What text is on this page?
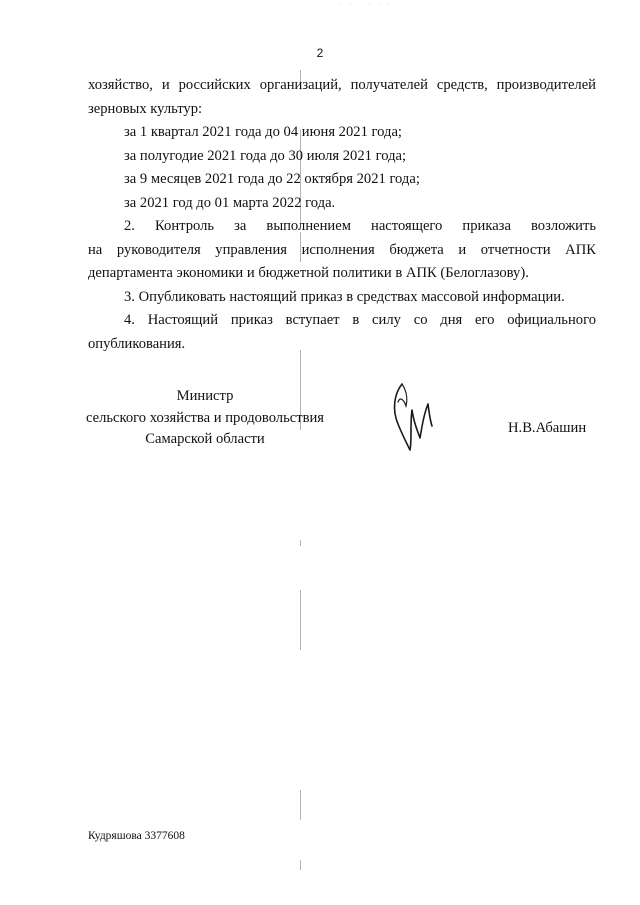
· · · · · ·
2

хозяйство, и российских организаций, получателей средств, производителей

зерновых культур:

за 1 квартал 2021 года до 04 июня 2021 года;

за полугодие 2021 года до 30 июля 2021 года;

за 9 месяцев 2021 года до 22 октября 2021 года;

за 2021 год до 01 марта 2022 года.

2. Контроль за выполнением настоящего приказа возложить

на руководителя управления исполнения бюджета и отчетности АПК

департамента экономики и бюджетной политики в АПК (Белоглазову).

3. Опубликовать настоящий приказ в средствах массовой информации.

4. Настоящий приказ вступает в силу со дня его официального

опубликования.

Министр
сельского хозяйства и продовольствия
Самарской области
Н.В.Абашин
Кудряшова 3377608
